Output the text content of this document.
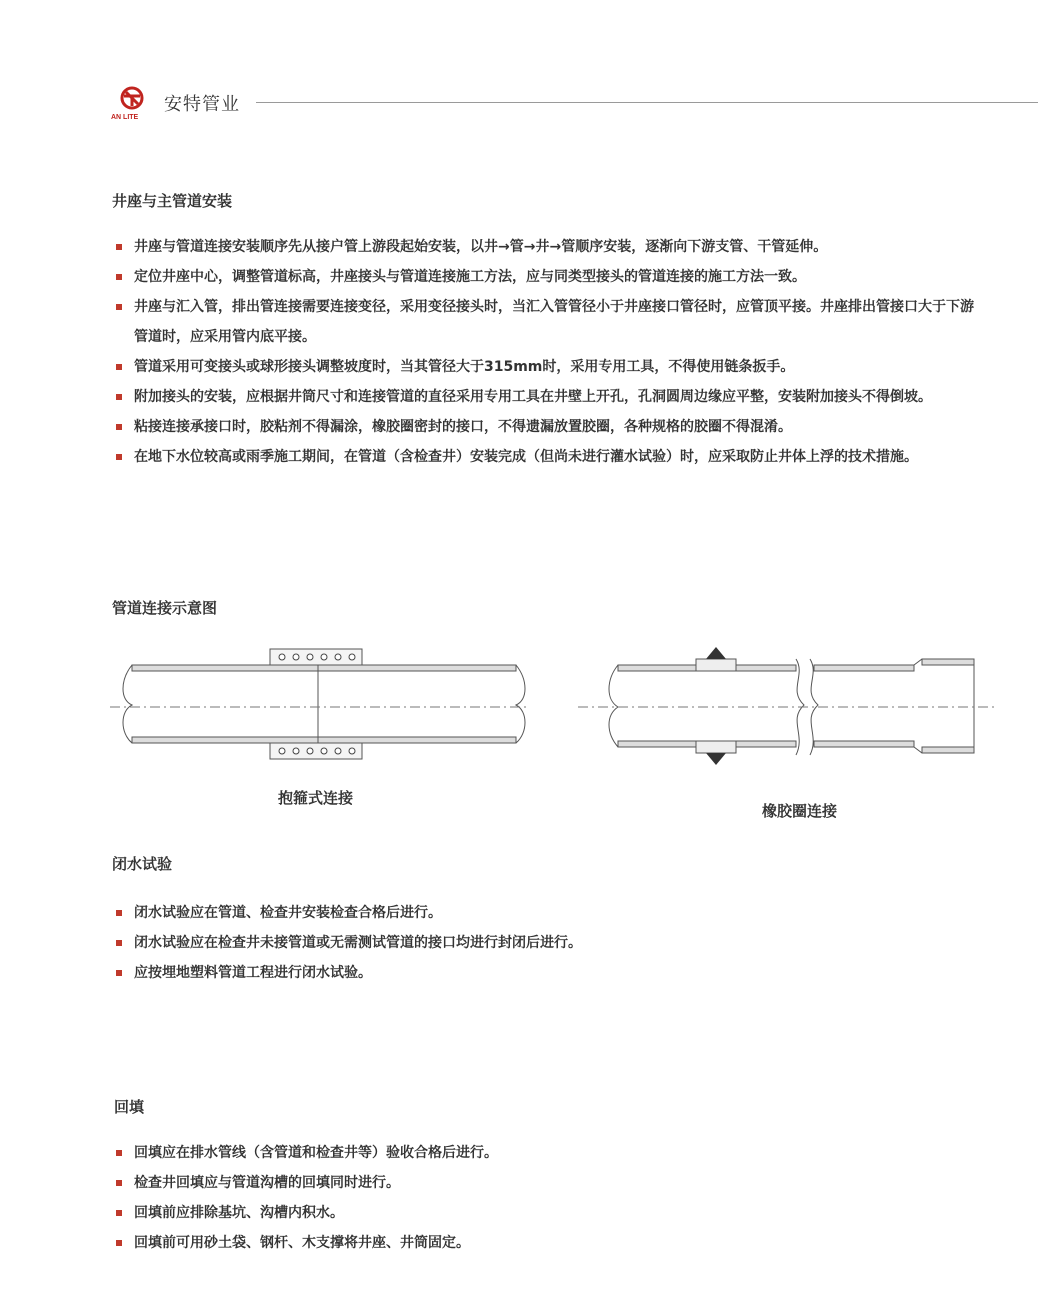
AN LITE
安特管业
井座与主管道安装
井座与管道连接安装顺序先从接户管上游段起始安装，以井→管→井→管顺序安装，逐渐向下游支管、干管延伸。
定位井座中心，调整管道标高，井座接头与管道连接施工方法，应与同类型接头的管道连接的施工方法一致。
井座与汇入管，排出管连接需要连接变径，采用变径接头时，当汇入管管径小于井座接口管径时，应管顶平接。井座排出管接口大于下游管道时，应采用管内底平接。
管道采用可变接头或球形接头调整坡度时，当其管径大于315mm时，采用专用工具，不得使用链条扳手。
附加接头的安装，应根据井筒尺寸和连接管道的直径采用专用工具在井壁上开孔，孔洞圆周边缘应平整，安装附加接头不得倒坡。
粘接连接承接口时，胶粘剂不得漏涂，橡胶圈密封的接口，不得遗漏放置胶圈，各种规格的胶圈不得混淆。
在地下水位较高或雨季施工期间，在管道（含检查井）安装完成（但尚未进行灌水试验）时，应采取防止井体上浮的技术措施。
管道连接示意图
抱箍式连接
橡胶圈连接
闭水试验
闭水试验应在管道、检查井安装检查合格后进行。
闭水试验应在检查井未接管道或无需测试管道的接口均进行封闭后进行。
应按埋地塑料管道工程进行闭水试验。
回填
回填应在排水管线（含管道和检查井等）验收合格后进行。
检查井回填应与管道沟槽的回填同时进行。
回填前应排除基坑、沟槽内积水。
回填前可用砂土袋、钢杆、木支撑将井座、井筒固定。
